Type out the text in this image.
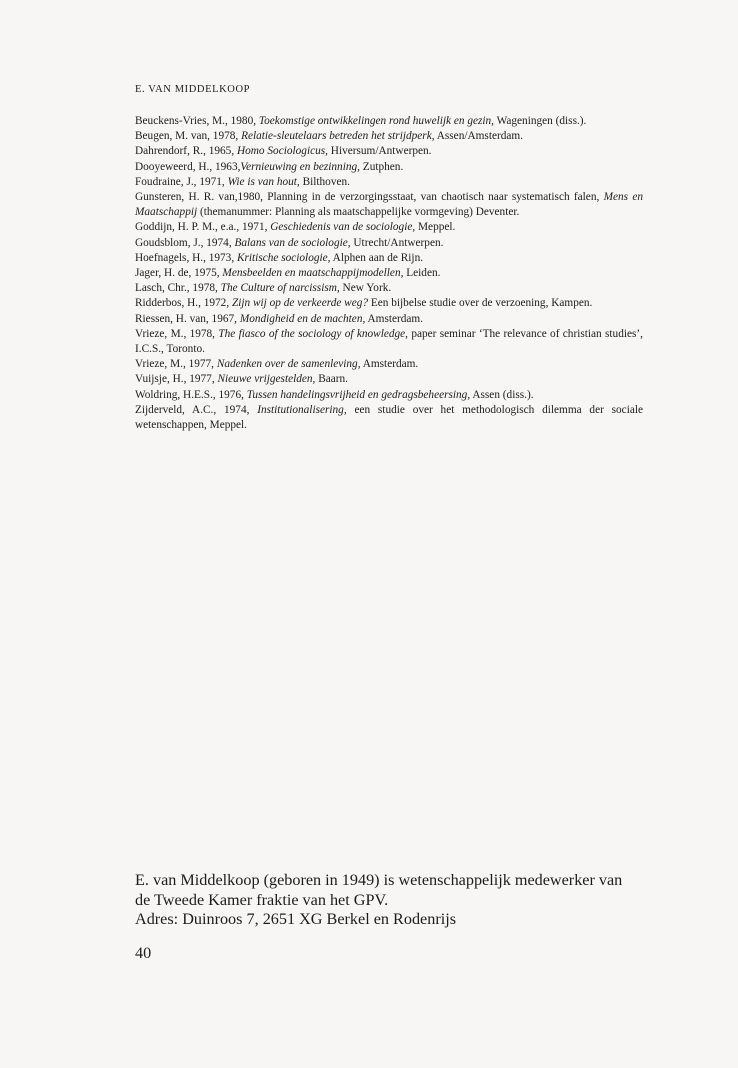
E. VAN MIDDELKOOP

Beuckens-Vries, M., 1980, Toekomstige ontwikkelingen rond huwelijk en gezin, Wageningen (diss.).

Beugen, M. van, 1978, Relatie-sleutelaars betreden het strijdperk, Assen/Amsterdam.

Dahrendorf, R., 1965, Homo Sociologicus, Hiversum/Antwerpen.

Dooyeweerd, H., 1963,Vernieuwing en bezinning, Zutphen.

Foudraine, J., 1971, Wie is van hout, Bilthoven.

Gunsteren, H. R. van,1980, Planning in de verzorgingsstaat, van chaotisch naar systematisch falen, Mens en Maatschappij (themanummer: Planning als maatschappelijke vormgeving) Deventer.

Goddijn, H. P. M., e.a., 1971, Geschiedenis van de sociologie, Meppel.

Goudsblom, J., 1974, Balans van de sociologie, Utrecht/Antwerpen.

Hoefnagels, H., 1973, Kritische sociologie, Alphen aan de Rijn.

Jager, H. de, 1975, Mensbeelden en maatschappijmodellen, Leiden.

Lasch, Chr., 1978, The Culture of narcissism, New York.

Ridderbos, H., 1972, Zijn wij op de verkeerde weg? Een bijbelse studie over de verzoening, Kampen.

Riessen, H. van, 1967, Mondigheid en de machten, Amsterdam.

Vrieze, M., 1978, The fiasco of the sociology of knowledge, paper seminar ‘The relevance of christian studies’, I.C.S., Toronto.

Vrieze, M., 1977, Nadenken over de samenleving, Amsterdam.

Vuijsje, H., 1977, Nieuwe vrijgestelden, Baarn.

Woldring, H.E.S., 1976, Tussen handelingsvrijheid en gedragsbeheersing, Assen (diss.).

Zijderveld, A.C., 1974, Institutionalisering, een studie over het methodologisch dilemma der sociale wetenschappen, Meppel.

E. van Middelkoop (geboren in 1949) is wetenschappelijk medewerker van

de Tweede Kamer fraktie van het GPV.

Adres: Duinroos 7, 2651 XG Berkel en Rodenrijs

40
